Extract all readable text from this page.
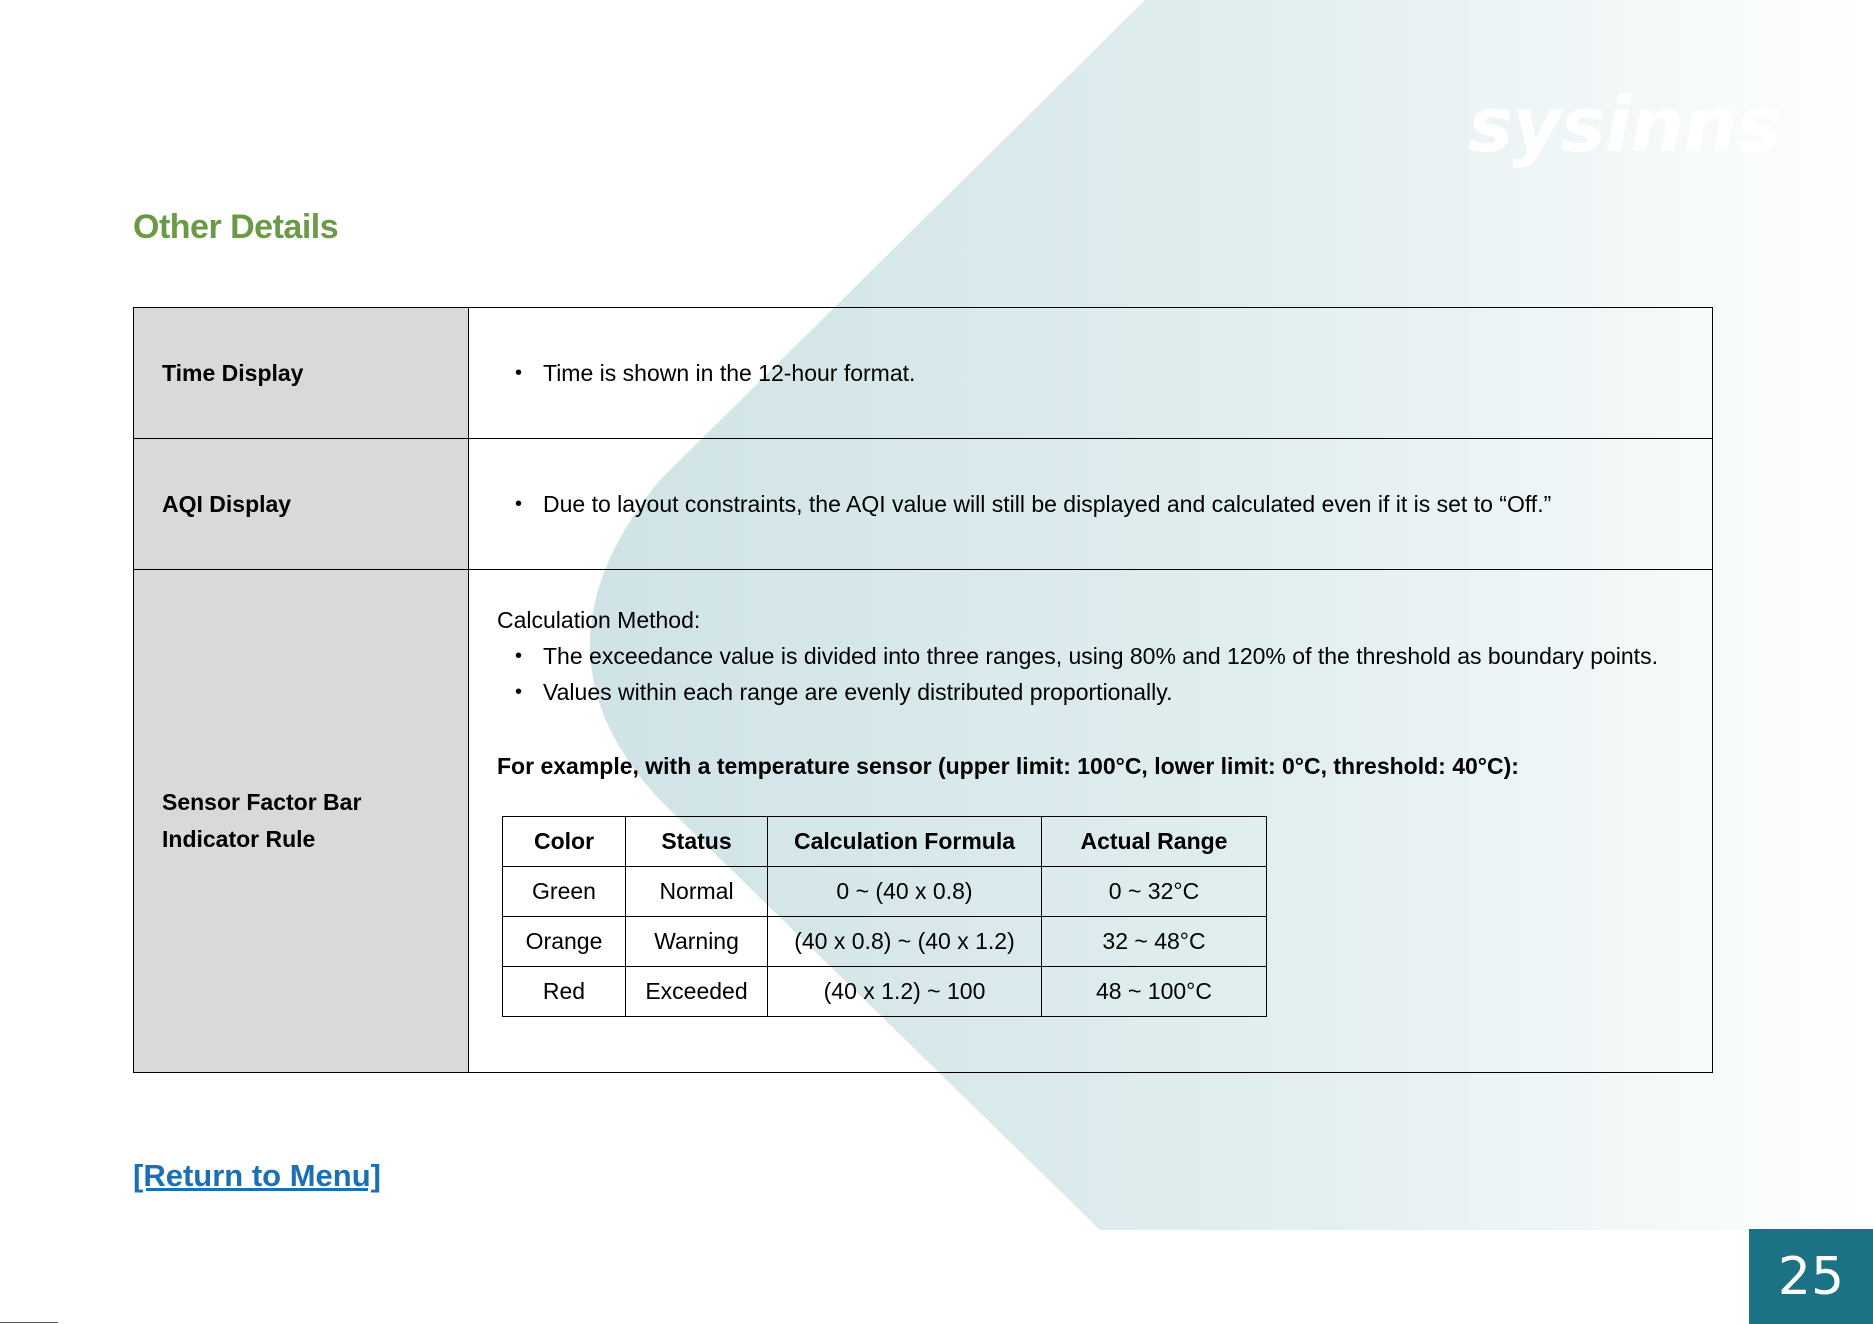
sysinns
Other Details
Time Display	
•Time is shown in the 12-hour format.

AQI Display	
•Due to layout constraints, the AQI value will still be displayed and calculated even if it is set to “Off.”

Sensor Factor Bar
Indicator Rule

Calculation Method:
• The exceedance value is divided into three ranges, using 80% and 120% of the threshold as boundary points.
• Values within each range are evenly distributed proportionally.
For example, with a temperature sensor (upper limit: 100°C, lower limit: 0°C, threshold: 40°C):
Color	Status	Calculation Formula	Actual Range
Green	Normal	0 ~ (40 x 0.8)	0 ~ 32°C
Orange	Warning	(40 x 0.8) ~ (40 x 1.2)	32 ~ 48°C
Red	Exceeded	(40 x 1.2) ~ 100	48 ~ 100°C
[Return to Menu]
25
